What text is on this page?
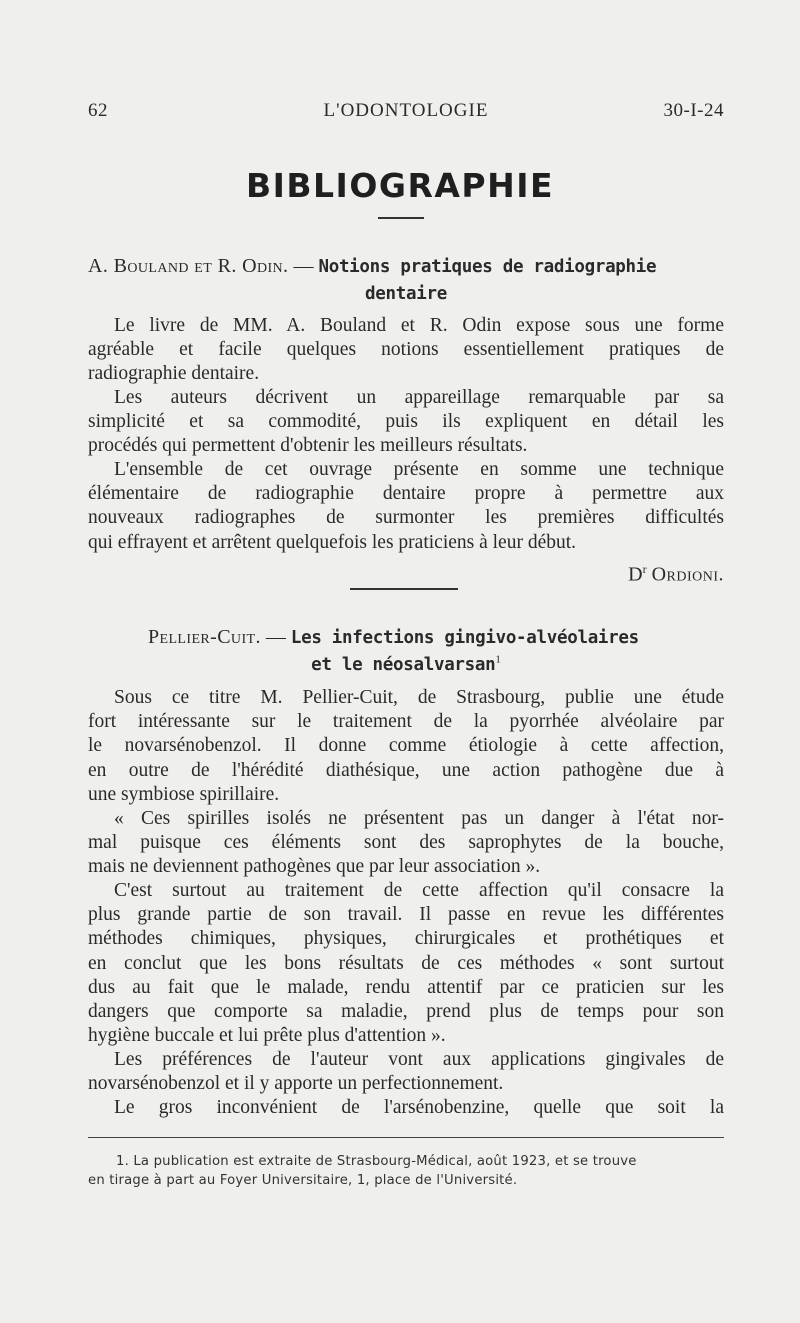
62	L'ODONTOLOGIE	30-I-24
BIBLIOGRAPHIE
A. Bouland et R. Odin. — Notions pratiques de radiographie
dentaire
Le livre de MM. A. Bouland et R. Odin expose sous une forme
agréable et facile quelques notions essentiellement pratiques de
radiographie dentaire.
Les auteurs décrivent un appareillage remarquable par sa
simplicité et sa commodité, puis ils expliquent en détail les
procédés qui permettent d'obtenir les meilleurs résultats.
L'ensemble de cet ouvrage présente en somme une technique
élémentaire de radiographie dentaire propre à permettre aux
nouveaux radiographes de surmonter les premières difficultés
qui effrayent et arrêtent quelquefois les praticiens à leur début.
$D^r$ Ordioni.
Pellier-Cuit. — Les infections gingivo-alvéolaires
et le néosalvarsan$^1$
Sous ce titre M. Pellier-Cuit, de Strasbourg, publie une étude
fort intéressante sur le traitement de la pyorrhée alvéolaire par
le novarsénobenzol. Il donne comme étiologie à cette affection,
en outre de l'hérédité diathésique, une action pathogène due à
une symbiose spirillaire.
« Ces spirilles isolés ne présentent pas un danger à l'état nor-
mal puisque ces éléments sont des saprophytes de la bouche,
mais ne deviennent pathogènes que par leur association ».
C'est surtout au traitement de cette affection qu'il consacre la
plus grande partie de son travail. Il passe en revue les différentes
méthodes chimiques, physiques, chirurgicales et prothétiques et
en conclut que les bons résultats de ces méthodes « sont surtout
dus au fait que le malade, rendu attentif par ce praticien sur les
dangers que comporte sa maladie, prend plus de temps pour son
hygiène buccale et lui prête plus d'attention ».
Les préférences de l'auteur vont aux applications gingivales de
novarsénobenzol et il y apporte un perfectionnement.
Le gros inconvénient de l'arsénobenzine, quelle que soit la
1. La publication est extraite de Strasbourg-Médical, août 1923, et se trouve
en tirage à part au Foyer Universitaire, 1, place de l'Université.
